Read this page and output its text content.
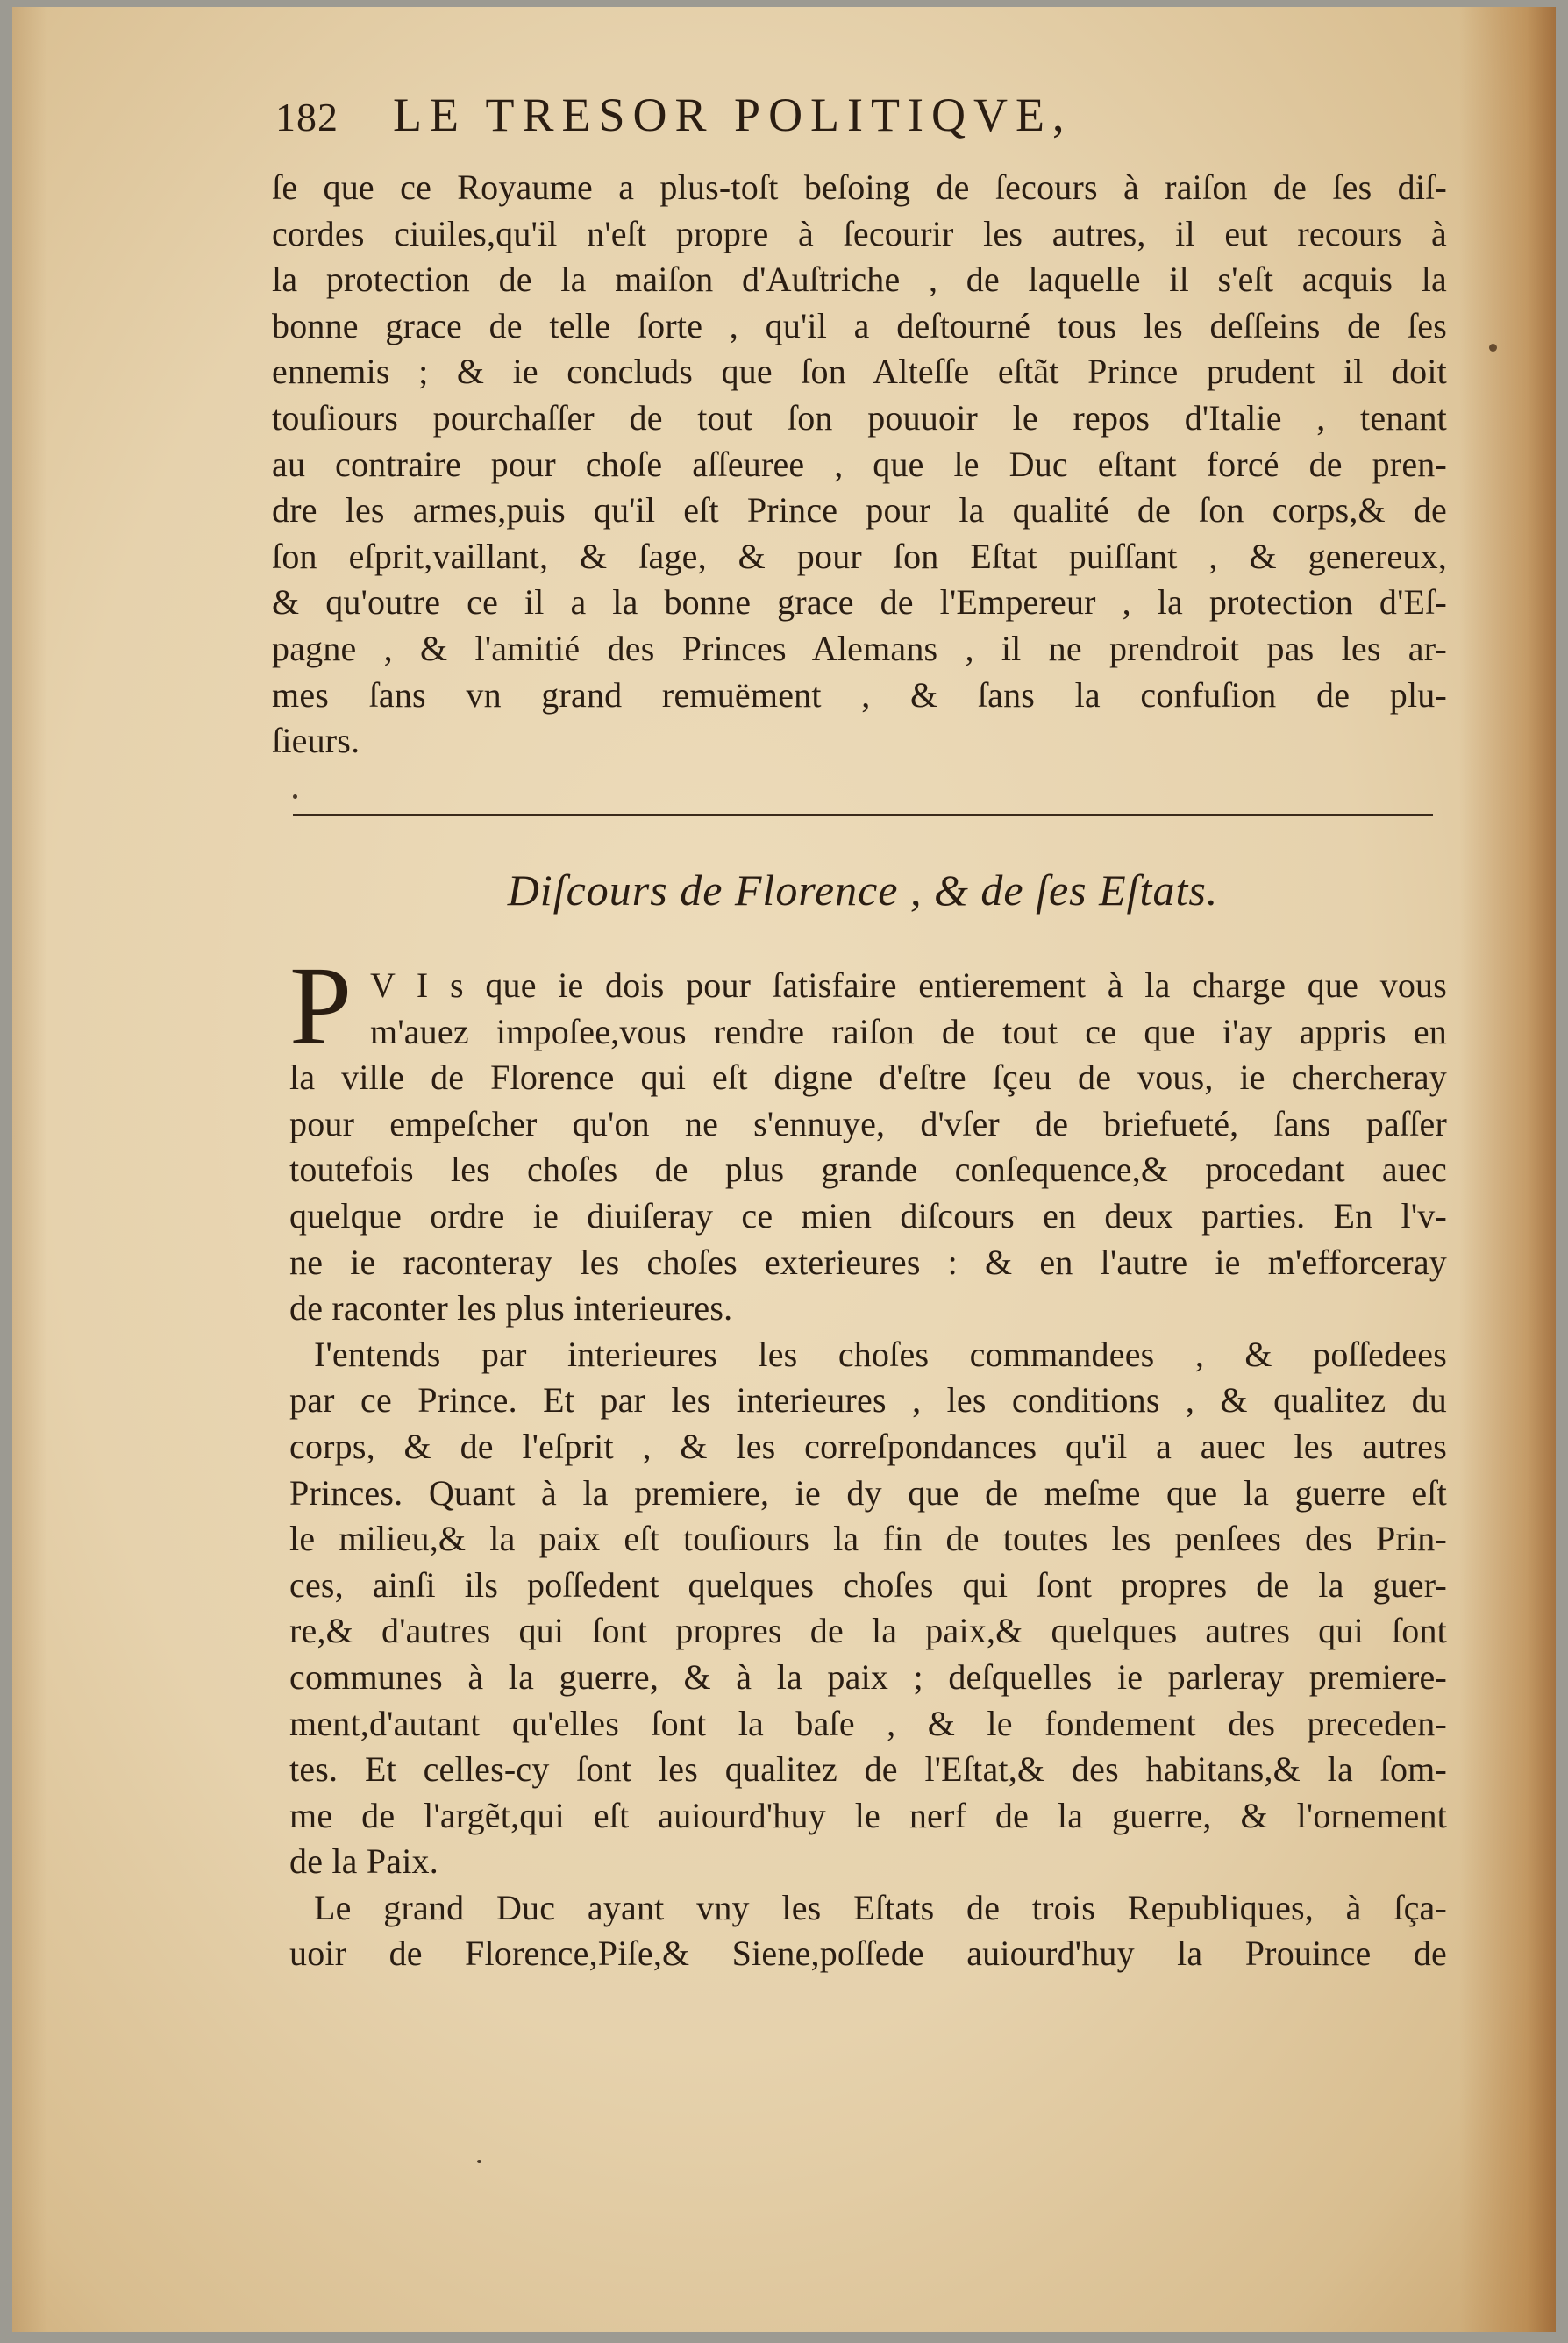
182 LE TRESOR POLITIQVE,
ſe que ce Royaume a plus-toſt beſoing de ſecours à raiſon de ſes diſ-
cordes ciuiles,qu'il n'eſt propre à ſecourir les autres, il eut recours à
la protection de la maiſon d'Auſtriche , de laquelle il s'eſt acquis la
bonne grace de telle ſorte , qu'il a deſtourné tous les deſſeins de ſes
ennemis ; & ie concluds que ſon Alteſſe eſtãt Prince prudent il doit
touſiours pourchaſſer de tout ſon pouuoir le repos d'Italie , tenant
au contraire pour choſe aſſeuree , que le Duc eſtant forcé de pren-
dre les armes,puis qu'il eſt Prince pour la qualité de ſon corps,& de
ſon eſprit,vaillant, & ſage, & pour ſon Eſtat puiſſant , & genereux,
& qu'outre ce il a la bonne grace de l'Empereur , la protection d'Eſ-
pagne , & l'amitié des Princes Alemans , il ne prendroit pas les ar-
mes ſans vn grand remuëment , & ſans la confuſion de plu-
ſieurs.
Diſcours de Florence , & de ſes Eſtats.
P V I s que ie dois pour ſatisfaire entierement à la charge que vous
m'auez impoſee,vous rendre raiſon de tout ce que i'ay appris en
la ville de Florence qui eſt digne d'eſtre ſçeu de vous, ie chercheray
pour empeſcher qu'on ne s'ennuye, d'vſer de briefueté, ſans paſſer
toutefois les choſes de plus grande conſequence,& procedant auec
quelque ordre ie diuiſeray ce mien diſcours en deux parties. En l'v-
ne ie raconteray les choſes exterieures : & en l'autre ie m'efforceray
de raconter les plus interieures.
I'entends par interieures les choſes commandees , & poſſedees
par ce Prince. Et par les interieures , les conditions , & qualitez du
corps, & de l'eſprit , & les correſpondances qu'il a auec les autres
Princes. Quant à la premiere, ie dy que de meſme que la guerre eſt
le milieu,& la paix eſt touſiours la fin de toutes les penſees des Prin-
ces, ainſi ils poſſedent quelques choſes qui ſont propres de la guer-
re,& d'autres qui ſont propres de la paix,& quelques autres qui ſont
communes à la guerre, & à la paix ; deſquelles ie parleray premiere-
ment,d'autant qu'elles ſont la baſe , & le fondement des preceden-
tes. Et celles-cy ſont les qualitez de l'Eſtat,& des habitans,& la ſom-
me de l'argẽt,qui eſt auiourd'huy le nerf de la guerre, & l'ornement
de la Paix.
Le grand Duc ayant vny les Eſtats de trois Republiques, à ſça-
uoir de Florence,Piſe,& Siene,poſſede auiourd'huy la Prouince de
